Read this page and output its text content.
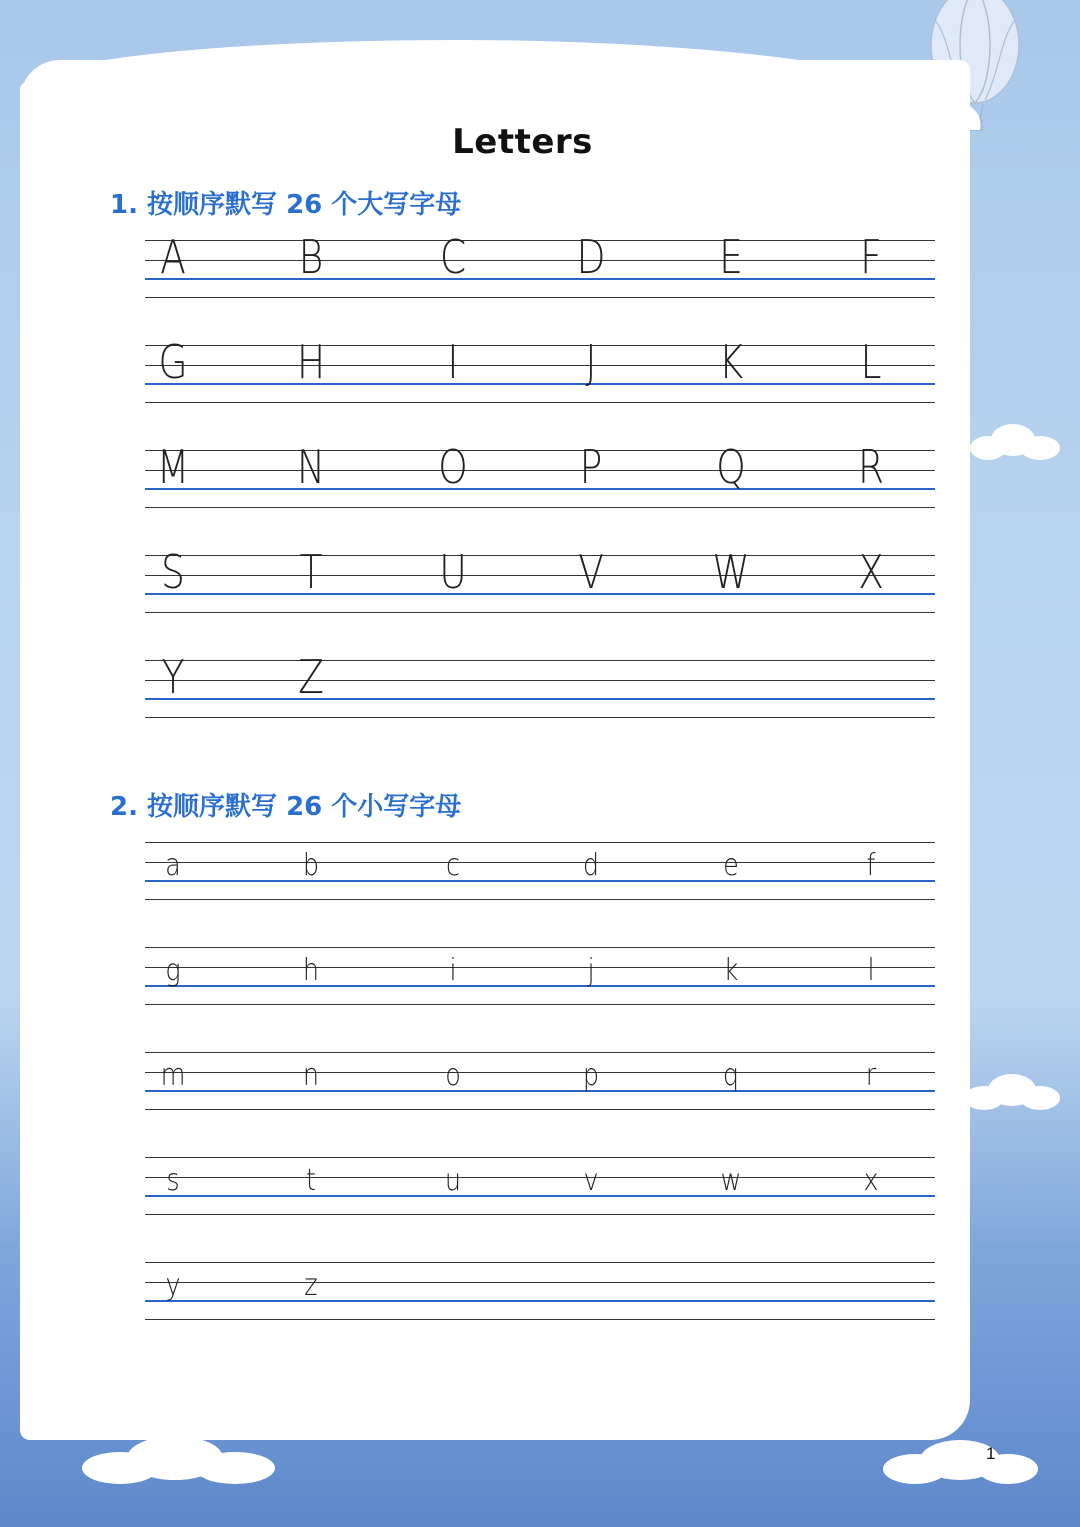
Letters
1. 按顺序默写 26 个大写字母
2. 按顺序默写 26 个小写字母
A B	C D E	F
G H	I	J	K	L
M N O P Q R
S T	U V W X
Y Z
a	b	c	d	e	f
g	h	i	j	k	l
m	n	o	p	q	r
s	t	u	v	w	x
y	z
1
